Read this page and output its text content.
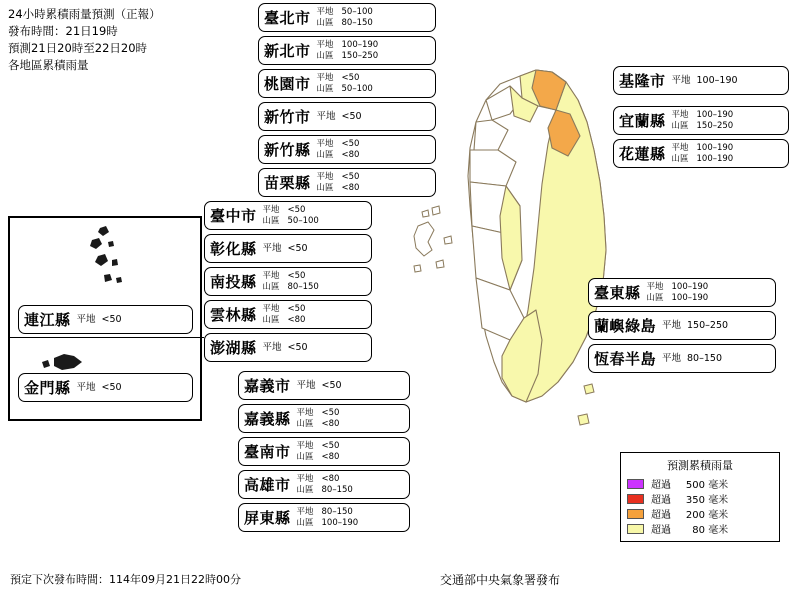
24小時累積雨量預測（正報）
發布時間：21日19時
預測21日20時至22日20時
各地區累積雨量
臺北市 平地 50–100
山區 80–150
新北市 平地 100–190
山區 150–250
桃園市 平地 <50
山區 50–100
新竹市 平地 <50
新竹縣 平地 <50
山區 <80
苗栗縣 平地 <50
山區 <80
臺中市 平地 <50
山區 50–100
彰化縣 平地 <50
南投縣 平地 <50
山區 80–150
雲林縣 平地 <50
山區 <80
澎湖縣 平地 <50
嘉義市 平地 <50
嘉義縣 平地 <50
山區 <80
臺南市 平地 <50
山區 <80
高雄市 平地 <80
山區 80–150
屏東縣 平地 80–150
山區 100–190
基隆市 平地 100–190
宜蘭縣 平地 100–190
山區 150–250
花蓮縣 平地 100–190
山區 100–190
臺東縣 平地 100–190
山區 100–190
蘭嶼綠島 平地 150–250
恆春半島 平地 80–150
連江縣 平地 <50
金門縣 平地 <50
預測累積雨量
超過 500 毫米
超過 350 毫米
超過 200 毫米
超過 80 毫米
預定下次發布時間：114年09月21日22時00分	交通部中央氣象署發布
